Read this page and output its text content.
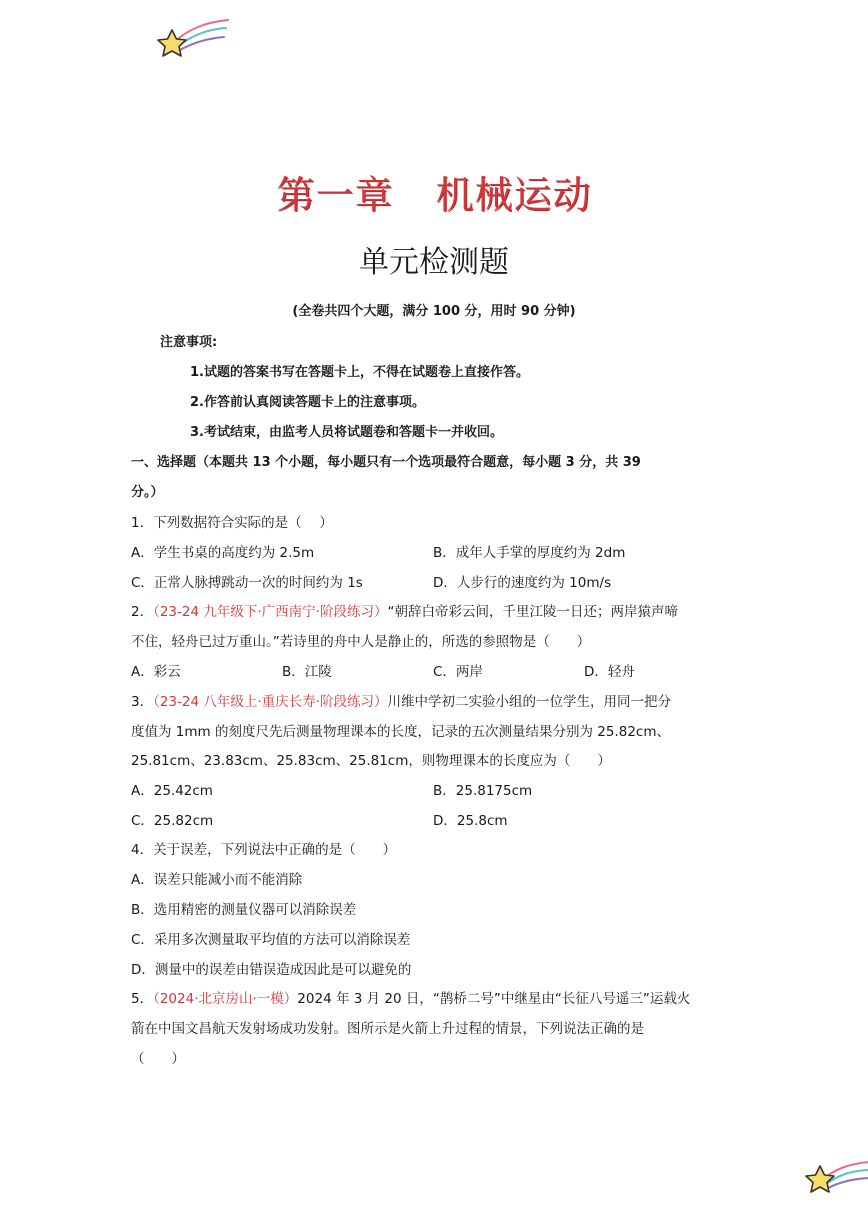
第一章 机械运动
单元检测题
(全卷共四个大题，满分 100 分，用时 90 分钟)
注意事项:
1.试题的答案书写在答题卡上，不得在试题卷上直接作答。
2.作答前认真阅读答题卡上的注意事项。
3.考试结束，由监考人员将试题卷和答题卡一并收回。
一、选择题（本题共 13 个小题，每小题只有一个选项最符合题意，每小题 3 分，共 39
分。）
1．下列数据符合实际的是（　 ）
A．学生书桌的高度约为 2.5m	B．成年人手掌的厚度约为 2dm
C．正常人脉搏跳动一次的时间约为 1s	D．人步行的速度约为 10m/s
2．（23-24 九年级下·广西南宁·阶段练习）“朝辞白帝彩云间，千里江陵一日还；两岸猿声啼
不住，轻舟已过万重山。”若诗里的舟中人是静止的，所选的参照物是（　　）
A．彩云	B．江陵	C．两岸	D．轻舟
3．（23-24 八年级上·重庆长寿·阶段练习）川维中学初二实验小组的一位学生，用同一把分
度值为 1mm 的刻度尺先后测量物理课本的长度，记录的五次测量结果分别为 25.82cm、
25.81cm、23.83cm、25.83cm、25.81cm，则物理课本的长度应为（　　）
A．25.42cm	B．25.8175cm
C．25.82cm	D．25.8cm
4．关于误差，下列说法中正确的是（　　）
A．误差只能减小而不能消除
B．选用精密的测量仪器可以消除误差
C．采用多次测量取平均值的方法可以消除误差
D．测量中的误差由错误造成因此是可以避免的
5．（2024·北京房山·一模）2024 年 3 月 20 日，“鹊桥二号”中继星由“长征八号遥三”运载火
箭在中国文昌航天发射场成功发射。图所示是火箭上升过程的情景，下列说法正确的是
（　　）
